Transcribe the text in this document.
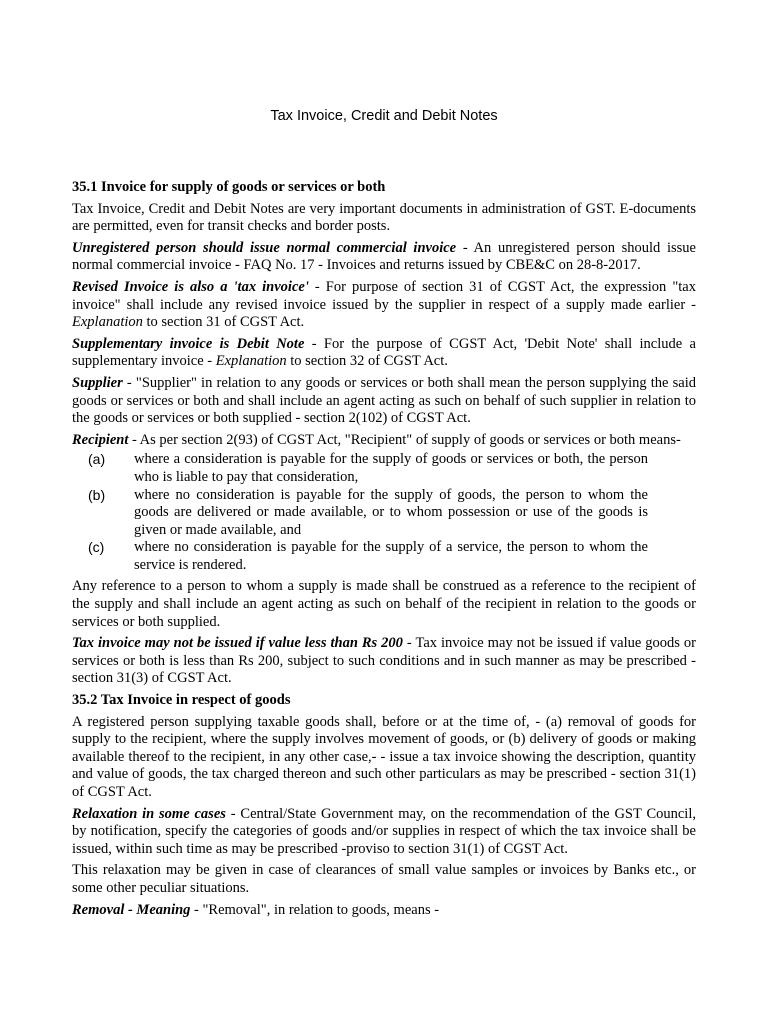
Tax Invoice, Credit and Debit Notes
35.1 Invoice for supply of goods or services or both

Tax Invoice, Credit and Debit Notes are very important documents in administration of GST. E-documents are permitted, even for transit checks and border posts.

Unregistered person should issue normal commercial invoice - An unregistered person should issue normal commercial invoice - FAQ No. 17 - Invoices and returns issued by CBE&C on 28-8-2017.

Revised Invoice is also a 'tax invoice' - For purpose of section 31 of CGST Act, the expression "tax invoice" shall include any revised invoice issued by the supplier in respect of a supply made earlier - Explanation to section 31 of CGST Act.

Supplementary invoice is Debit Note - For the purpose of CGST Act, 'Debit Note' shall include a supplementary invoice - Explanation to section 32 of CGST Act.

Supplier - "Supplier" in relation to any goods or services or both shall mean the person supplying the said goods or services or both and shall include an agent acting as such on behalf of such supplier in relation to the goods or services or both supplied - section 2(102) of CGST Act.

Recipient - As per section 2(93) of CGST Act, "Recipient" of supply of goods or services or both means-

(a)	where a consideration is payable for the supply of goods or services or both, the person who is liable to pay that consideration,
(b)	where no consideration is payable for the supply of goods, the person to whom the goods are delivered or made available, or to whom possession or use of the goods is given or made available, and
(c)	where no consideration is payable for the supply of a service, the person to whom the service is rendered.

Any reference to a person to whom a supply is made shall be construed as a reference to the recipient of the supply and shall include an agent acting as such on behalf of the recipient in relation to the goods or services or both supplied.

Tax invoice may not be issued if value less than Rs 200 - Tax invoice may not be issued if value goods or services or both is less than Rs 200, subject to such conditions and in such manner as may be prescribed - section 31(3) of CGST Act.

35.2 Tax Invoice in respect of goods

A registered person supplying taxable goods shall, before or at the time of, - (a) removal of goods for supply to the recipient, where the supply involves movement of goods, or (b) delivery of goods or making available thereof to the recipient, in any other case,- - issue a tax invoice showing the description, quantity and value of goods, the tax charged thereon and such other particulars as may be prescribed - section 31(1) of CGST Act.

Relaxation in some cases - Central/State Government may, on the recommendation of the GST Council, by notification, specify the categories of goods and/or supplies in respect of which the tax invoice shall be issued, within such time as may be prescribed -proviso to section 31(1) of CGST Act.

This relaxation may be given in case of clearances of small value samples or invoices by Banks etc., or some other peculiar situations.

Removal - Meaning - "Removal", in relation to goods, means -
